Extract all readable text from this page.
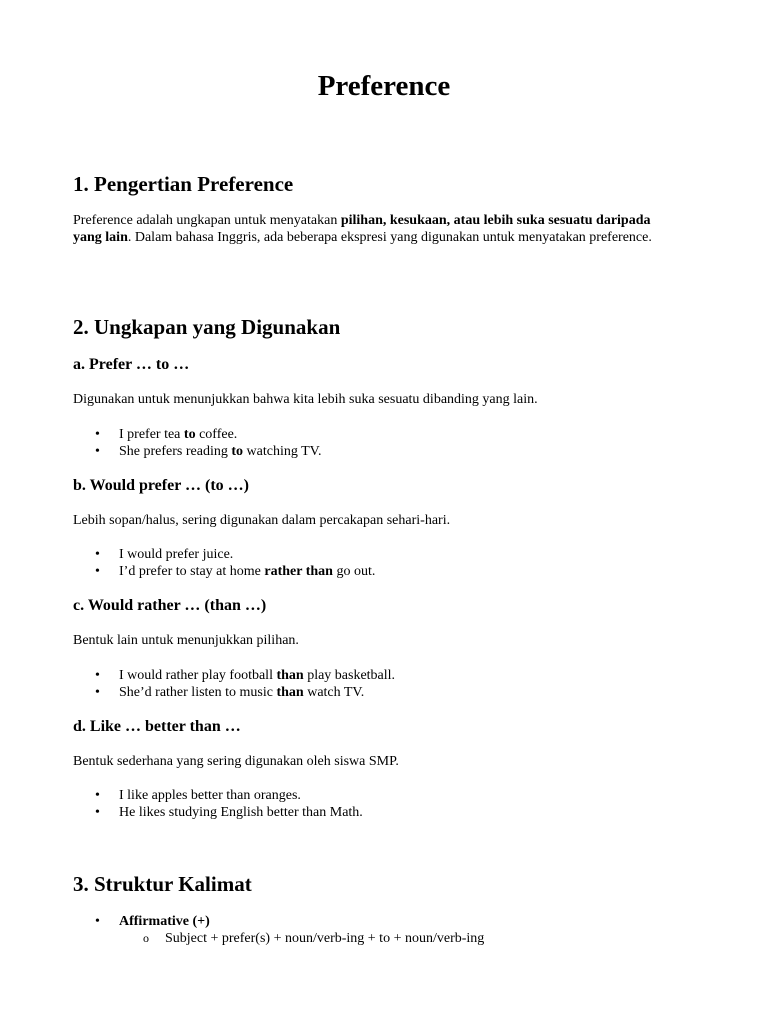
Preference
1. Pengertian Preference

Preference adalah ungkapan untuk menyatakan pilihan, kesukaan, atau lebih suka sesuatu daripada yang lain. Dalam bahasa Inggris, ada beberapa ekspresi yang digunakan untuk menyatakan preference.

2. Ungkapan yang Digunakan
a. Prefer … to …

Digunakan untuk menunjukkan bahwa kita lebih suka sesuatu dibanding yang lain.

• I prefer tea to coffee.
• She prefers reading to watching TV.
b. Would prefer … (to …)

Lebih sopan/halus, sering digunakan dalam percakapan sehari-hari.

• I would prefer juice.
• I’d prefer to stay at home rather than go out.
c. Would rather … (than …)

Bentuk lain untuk menunjukkan pilihan.

• I would rather play football than play basketball.
• She’d rather listen to music than watch TV.
d. Like … better than …

Bentuk sederhana yang sering digunakan oleh siswa SMP.

• I like apples better than oranges.
• He likes studying English better than Math.
3. Struktur Kalimat
• Affirmative (+)
o Subject + prefer(s) + noun/verb-ing + to + noun/verb-ing
